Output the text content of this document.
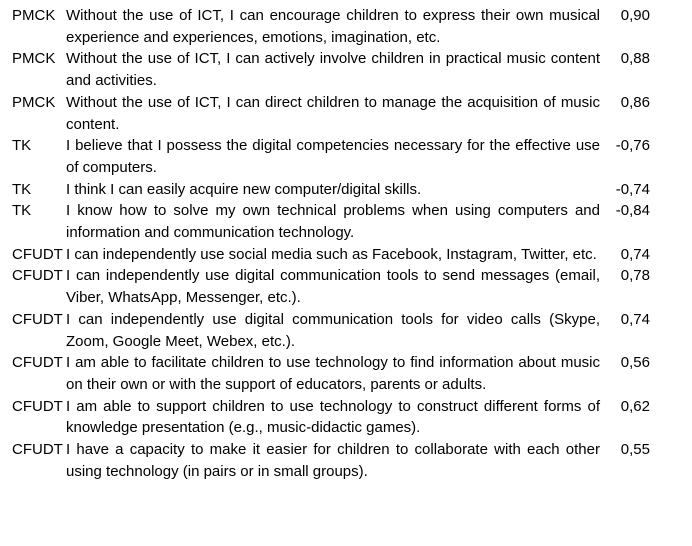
PMCK Without the use of ICT, I can encourage children to express their own musical experience and experiences, emotions, imagination, etc.
0,90
PMCK Without the use of ICT, I can actively involve children in practical music content and activities.
0,88
PMCK Without the use of ICT, I can direct children to manage the acquisition of music content.
0,86
TK	I believe that I possess the digital competencies necessary for the effective use of computers.
-0,76
TK	I think I can easily acquire new computer/digital skills.	-0,74
TK	I know how to solve my own technical problems when using computers and information and communication technology.
-0,84
CFUDT I can independently use social media such as Facebook, Instagram, Twitter, etc.	0,74
CFUDT I can independently use digital communication tools to send messages (email, Viber, WhatsApp, Messenger, etc.).
0,78
CFUDT I can independently use digital communication tools for video calls (Skype, Zoom, Google Meet, Webex, etc.).
0,74
CFUDT I am able to facilitate children to use technology to find information about music on their own or with the support of educators, parents or adults.
0,56
CFUDT I am able to support children to use technology to construct different forms of knowledge presentation (e.g., music-didactic games).
0,62
CFUDT I have a capacity to make it easier for children to collaborate with each other using technology (in pairs or in small groups).
0,55
